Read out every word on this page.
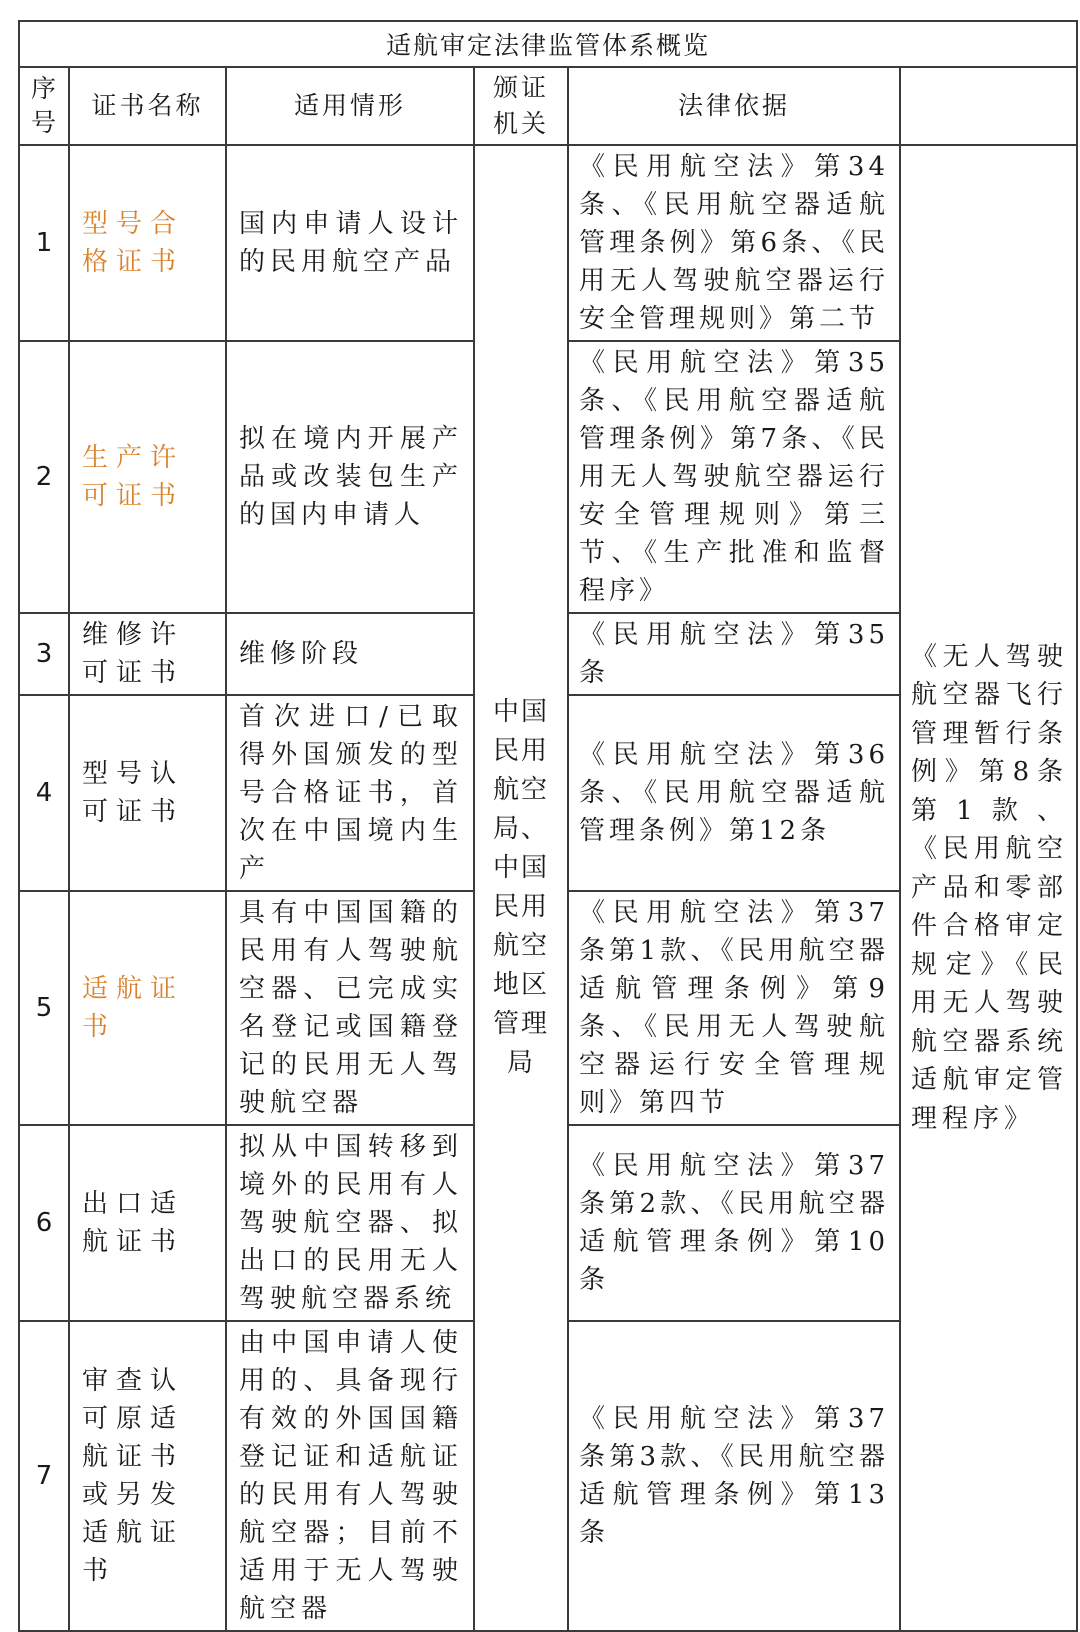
适航审定法律监管体系概览					

序号	证书名称	适用情形	颁证机关	法律依据	
1	型号合格证书	国内申请人设计的民用航空产品	中国民用航空局、中国民用航空地区管理局	《民用航空法》第34条、《民用航空器适航管理条例》第6条、《民用无人驾驶航空器运行安全管理规则》第二节	《无人驾驶航空器飞行管理暂行条例》第8条第1款、《民用航空产品和零部件合格审定规定》《民用无人驾驶航空器系统适航审定管理程序》

2	生产许可证书	拟在境内开展产品或改装包生产的国内申请人		《民用航空法》第35条、《民用航空器适航管理条例》第7条、《民用无人驾驶航空器运行安全管理规则》第三节、《生产批准和监督程序》	

3	维修许可证书	维修阶段		《民用航空法》第35条	

4	型号认可证书	首次进口/已取得外国颁发的型号合格证书，首次在中国境内生产		《民用航空法》第36条、《民用航空器适航管理条例》第12条	

5	适航证书	具有中国国籍的民用有人驾驶航空器、已完成实名登记或国籍登记的民用无人驾驶航空器		《民用航空法》第37条第1款、《民用航空器适航管理条例》第9条、《民用无人驾驶航空器运行安全管理规则》第四节	

6	出口适航证书	拟从中国转移到境外的民用有人驾驶航空器、拟出口的民用无人驾驶航空器系统		《民用航空法》第37条第2款、《民用航空器适航管理条例》第10条	

7	审查认可原适航证书或另发适航证书	由中国申请人使用的、具备现行有效的外国国籍登记证和适航证的民用有人驾驶航空器；目前不适用于无人驾驶航空器		《民用航空法》第37条第3款、《民用航空器适航管理条例》第13条	
